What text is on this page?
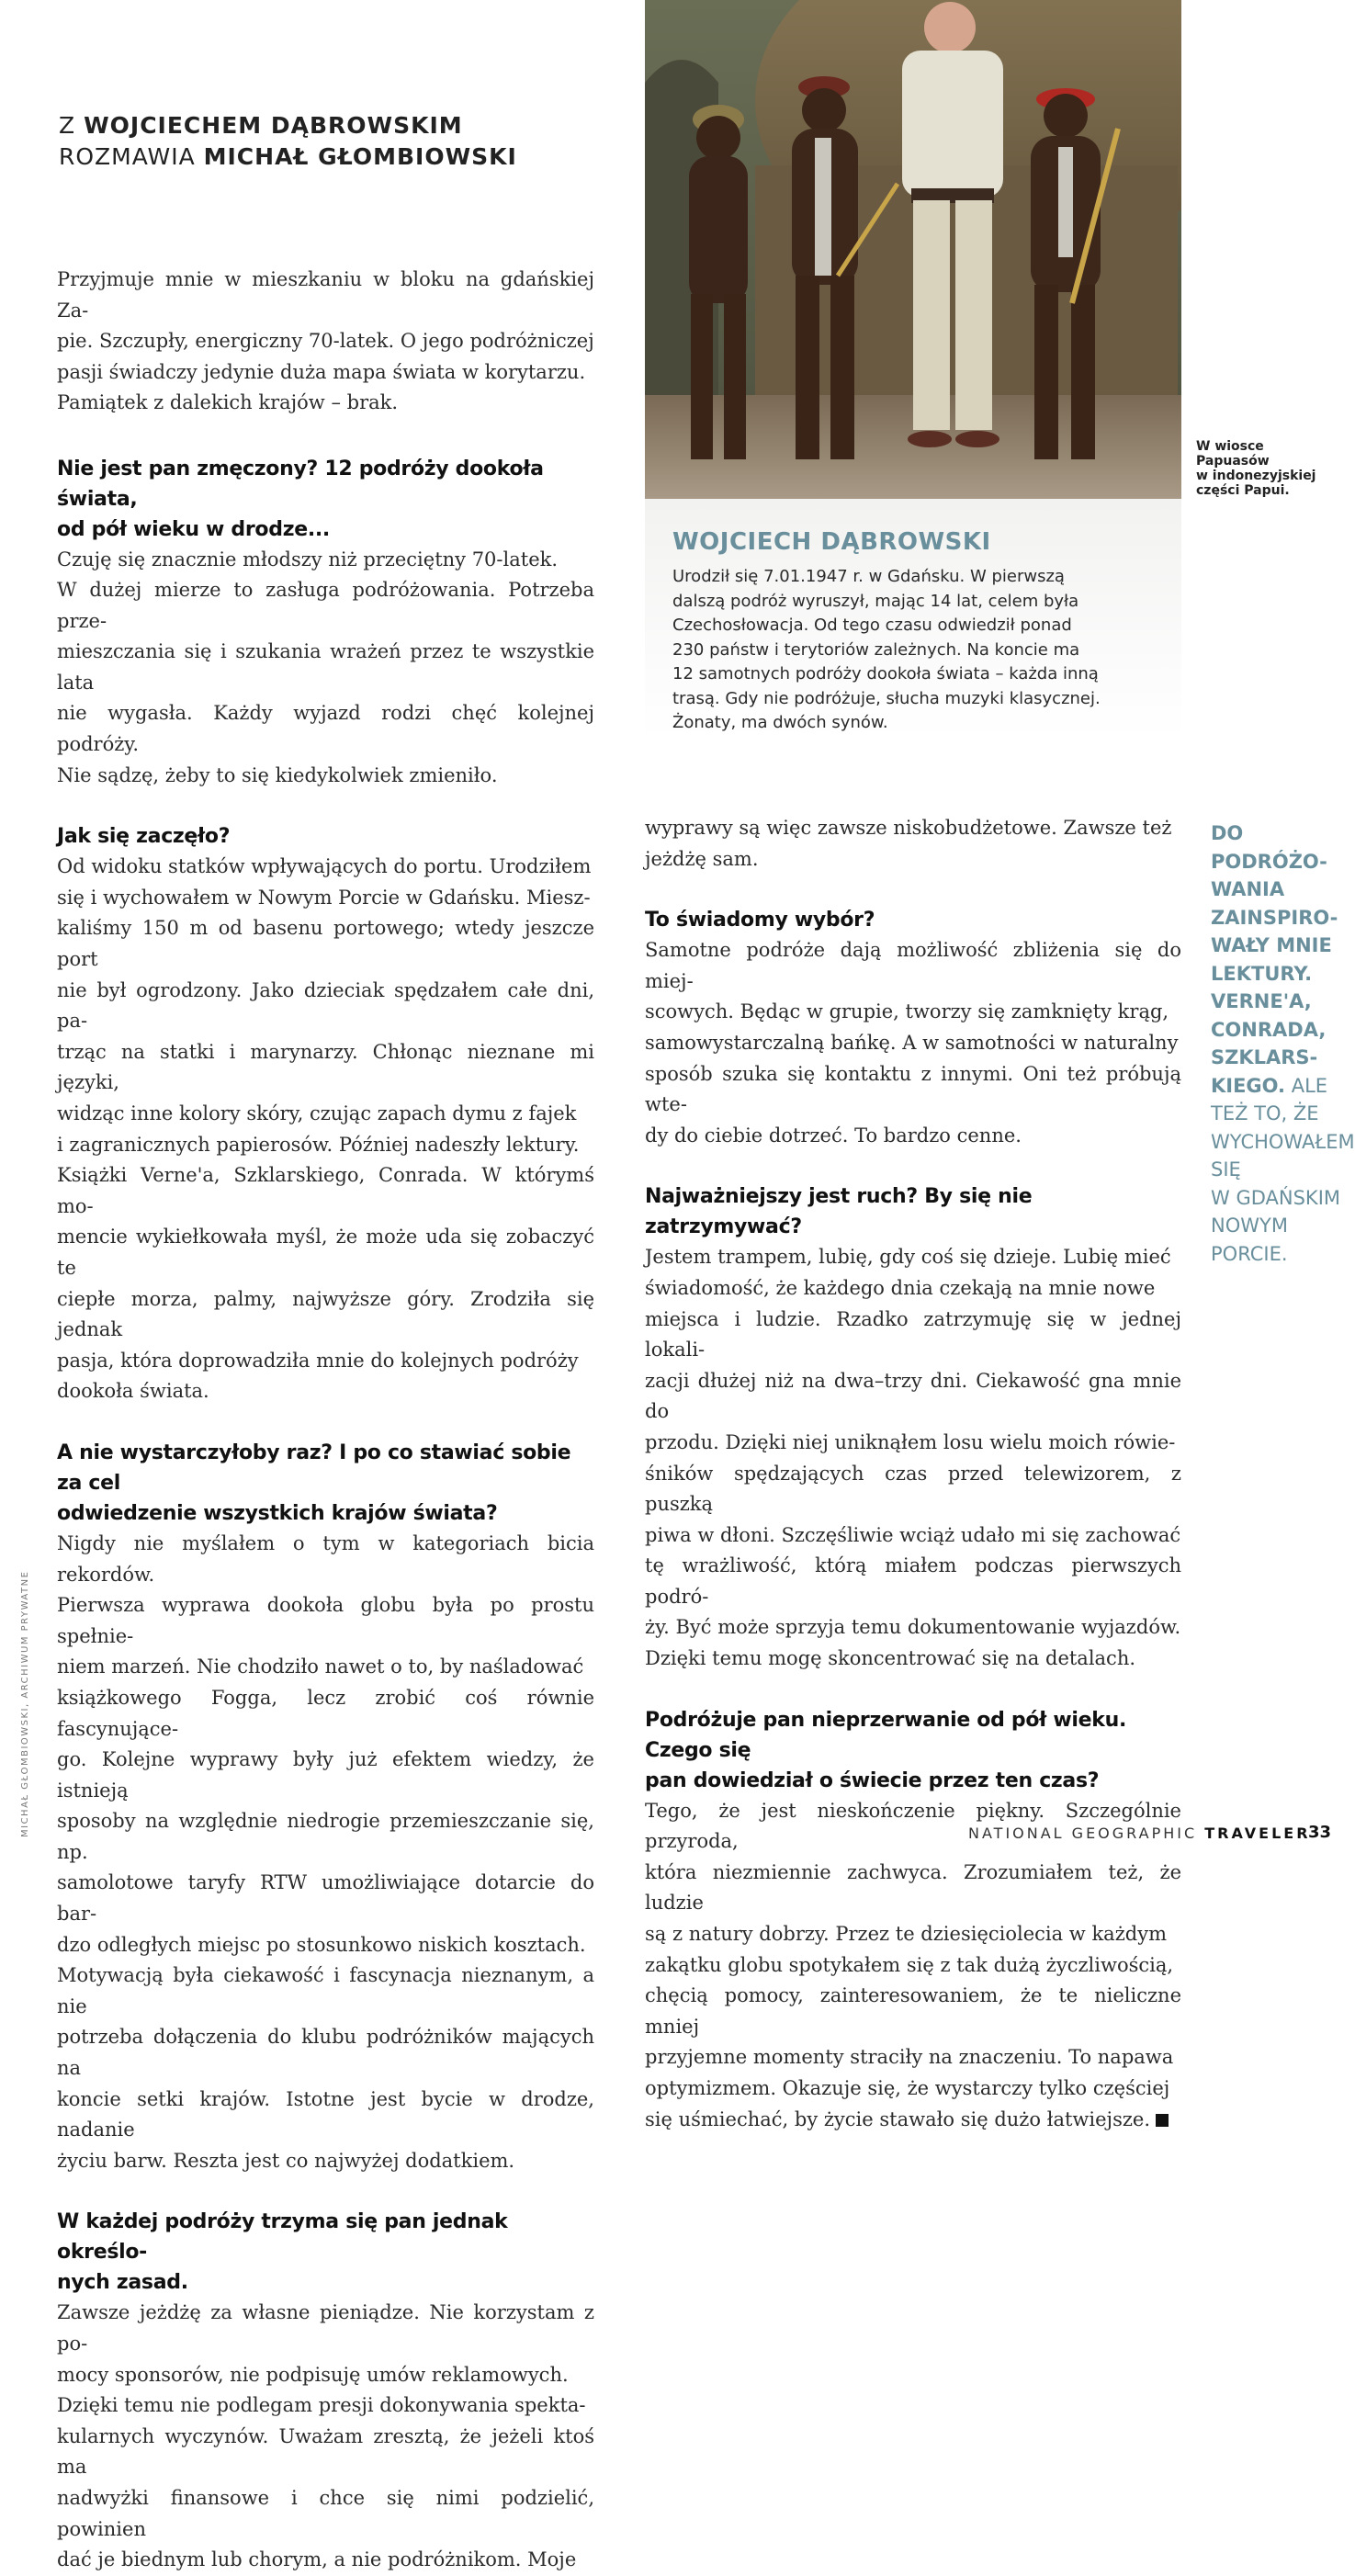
Z WOJCIECHEM DĄBROWSKIM
ROZMAWIA MICHAŁ GŁOMBIOWSKI
W wiosce
Papuasów
w indonezyjskiej
części Papui.
WOJCIECH DĄBROWSKI

Urodził się 7.01.1947 r. w Gdańsku. W pierwszą

dalszą podróż wyruszył, mając 14 lat, celem była

Czechosłowacja. Od tego czasu odwiedził ponad

230 państw i terytoriów zależnych. Na koncie ma

12 samotnych podróży dookoła świata – każda inną

trasą. Gdy nie podróżuje, słucha muzyki klasycznej.

Żonaty, ma dwóch synów.

Przyjmuje mnie w mieszkaniu w bloku na gdańskiej Za-

pie. Szczupły, energiczny 70-latek. O jego podróżniczej

pasji świadczy jedynie duża mapa świata w korytarzu.

Pamiątek z dalekich krajów – brak.

Nie jest pan zmęczony? 12 podróży dookoła świata,
od pół wieku w drodze...

Czuję się znacznie młodszy niż przeciętny 70-latek.

W dużej mierze to zasługa podróżowania. Potrzeba prze-

mieszczania się i szukania wrażeń przez te wszystkie lata

nie wygasła. Każdy wyjazd rodzi chęć kolejnej podróży.

Nie sądzę, żeby to się kiedykolwiek zmieniło.

Jak się zaczęło?

Od widoku statków wpływających do portu. Urodziłem

się i wychowałem w Nowym Porcie w Gdańsku. Miesz-

kaliśmy 150 m od basenu portowego; wtedy jeszcze port

nie był ogrodzony. Jako dzieciak spędzałem całe dni, pa-

trząc na statki i marynarzy. Chłonąc nieznane mi języki,

widząc inne kolory skóry, czując zapach dymu z fajek

i zagranicznych papierosów. Później nadeszły lektury.

Książki Verne'a, Szklarskiego, Conrada. W którymś mo-

mencie wykiełkowała myśl, że może uda się zobaczyć te

ciepłe morza, palmy, najwyższe góry. Zrodziła się jednak

pasja, która doprowadziła mnie do kolejnych podróży

dookoła świata.

A nie wystarczyłoby raz? I po co stawiać sobie za cel
odwiedzenie wszystkich krajów świata?

Nigdy nie myślałem o tym w kategoriach bicia rekordów.

Pierwsza wyprawa dookoła globu była po prostu spełnie-

niem marzeń. Nie chodziło nawet o to, by naśladować

książkowego Fogga, lecz zrobić coś równie fascynujące-

go. Kolejne wyprawy były już efektem wiedzy, że istnieją

sposoby na względnie niedrogie przemieszczanie się, np.

samolotowe taryfy RTW umożliwiające dotarcie do bar-

dzo odległych miejsc po stosunkowo niskich kosztach.

Motywacją była ciekawość i fascynacja nieznanym, a nie

potrzeba dołączenia do klubu podróżników mających na

koncie setki krajów. Istotne jest bycie w drodze, nadanie

życiu barw. Reszta jest co najwyżej dodatkiem.

W każdej podróży trzyma się pan jednak określo-
nych zasad.

Zawsze jeżdżę za własne pieniądze. Nie korzystam z po-

mocy sponsorów, nie podpisuję umów reklamowych.

Dzięki temu nie podlegam presji dokonywania spekta-

kularnych wyczynów. Uważam zresztą, że jeżeli ktoś ma

nadwyżki finansowe i chce się nimi podzielić, powinien

dać je biednym lub chorym, a nie podróżnikom. Moje

wyprawy są więc zawsze niskobudżetowe. Zawsze też

jeżdżę sam.

To świadomy wybór?

Samotne podróże dają możliwość zbliżenia się do miej-

scowych. Będąc w grupie, tworzy się zamknięty krąg,

samowystarczalną bańkę. A w samotności w naturalny

sposób szuka się kontaktu z innymi. Oni też próbują wte-

dy do ciebie dotrzeć. To bardzo cenne.

Najważniejszy jest ruch? By się nie zatrzymywać?

Jestem trampem, lubię, gdy coś się dzieje. Lubię mieć

świadomość, że każdego dnia czekają na mnie nowe

miejsca i ludzie. Rzadko zatrzymuję się w jednej lokali-

zacji dłużej niż na dwa–trzy dni. Ciekawość gna mnie do

przodu. Dzięki niej uniknąłem losu wielu moich rówie-

śników spędzających czas przed telewizorem, z puszką

piwa w dłoni. Szczęśliwie wciąż udało mi się zachować

tę wrażliwość, którą miałem podczas pierwszych podró-

ży. Być może sprzyja temu dokumentowanie wyjazdów.

Dzięki temu mogę skoncentrować się na detalach.

Podróżuje pan nieprzerwanie od pół wieku. Czego się
pan dowiedział o świecie przez ten czas?

Tego, że jest nieskończenie piękny. Szczególnie przyroda,

która niezmiennie zachwyca. Zrozumiałem też, że ludzie

są z natury dobrzy. Przez te dziesięciolecia w każdym

zakątku globu spotykałem się z tak dużą życzliwością,

chęcią pomocy, zainteresowaniem, że te nieliczne mniej

przyjemne momenty straciły na znaczeniu. To napawa

optymizmem. Okazuje się, że wystarczy tylko częściej

się uśmiechać, by życie stawało się dużo łatwiejsze.

DO
PODRÓŻO-
WANIA
ZAINSPIRO-
WAŁY MNIE
LEKTURY.
VERNE'A,
CONRADA,
SZKLARS-
KIEGO. ALE
TEŻ TO, ŻE
WYCHOWAŁEM
SIĘ
W GDAŃSKIM
NOWYM
PORCIE.
MICHAŁ GŁOMBIOWSKI, ARCHIWUM PRYWATNE	NATIONAL GEOGRAPHIC TRAVELER
33
